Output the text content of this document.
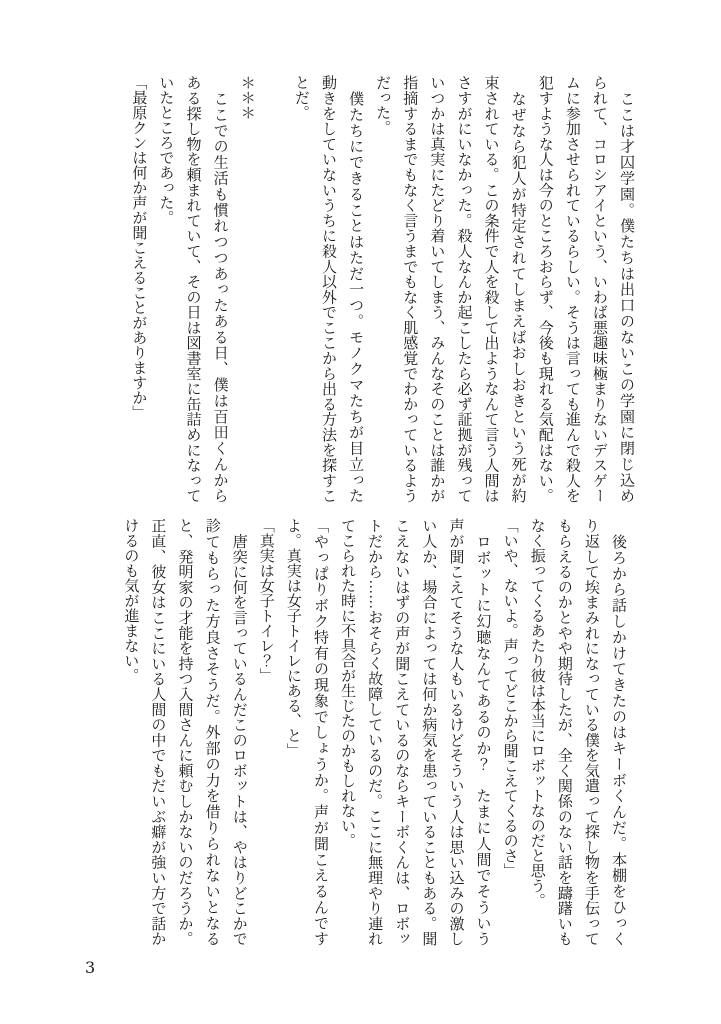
　ここは才囚学園。僕たちは出口のないこの学園に閉じ込め
られて、コロシアイという、いわば悪趣味極まりないデスゲー
ムに参加させられているらしい。そうは言っても進んで殺人を
犯すような人は今のところおらず、今後も現れる気配はない。
　なぜなら犯人が特定されてしまえばおしおきという死が約
束されている。この条件で人を殺して出ようなんて言う人間は
さすがにいなかった。殺人なんか起こしたら必ず証拠が残って
いつかは真実にたどり着いてしまう、みんなそのことは誰かが
指摘するまでもなく言うまでもなく肌感覚でわかっているよう
だった。
　僕たちにできることはただ一つ。モノクマたちが目立った
動きをしていないうちに殺人以外でここから出る方法を探すこ
とだ。
＊＊＊
　ここでの生活も慣れつつあったある日、僕は百田くんから
ある探し物を頼まれていて、その日は図書室に缶詰めになって
いたところであった。
「最原クンは何か声が聞こえることがありますか」
　後ろから話しかけてきたのはキーボくんだ。本棚をひっく
り返して埃まみれになっている僕を気遣って探し物を手伝って
もらえるのかとやや期待したが、全く関係のない話を躊躇いも
なく振ってくるあたり彼は本当にロボットなのだと思う。
「いや、ないよ。声ってどこから聞こえてくるのさ」
　ロボットに幻聴なんてあるのか？　たまに人間でそういう
声が聞こえてそうな人もいるけどそういう人は思い込みの激し
い人か、場合によっては何か病気を患っていることもある。聞
こえないはずの声が聞こえているのならキーボくんは、ロボッ
トだから……おそらく故障しているのだ。ここに無理やり連れ
てこられた時に不具合が生じたのかもしれない。
「やっぱりボク特有の現象でしょうか。声が聞こえるんです
よ。真実は女子トイレにある、と」
「真実は女子トイレ？」
　唐突に何を言っているんだこのロボットは、やはりどこかで
診てもらった方良さそうだ。外部の力を借りられないとなる
と、発明家の才能を持つ入間さんに頼むしかないのだろうか。
正直、彼女はここにいる人間の中でもだいぶ癖が強い方で話か
けるのも気が進まない。
3
